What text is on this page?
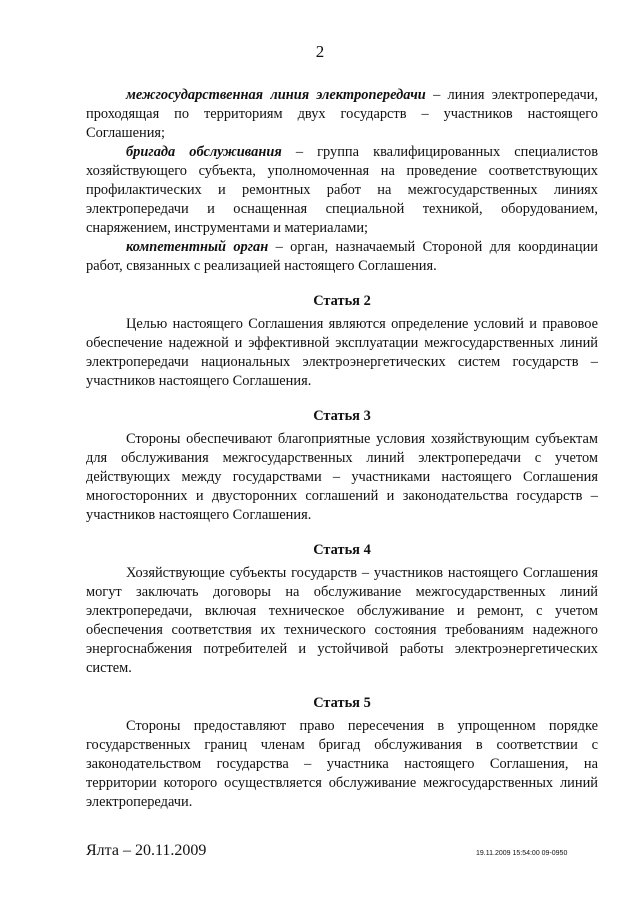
2

межгосударственная линия электропередачи – линия электропередачи, проходящая по территориям двух государств – участников настоящего Соглашения;

бригада обслуживания – группа квалифицированных специалистов хозяйствующего субъекта, уполномоченная на проведение соответствующих профилактических и ремонтных работ на межгосударственных линиях электропередачи и оснащенная специальной техникой, оборудованием, снаряжением, инструментами и материалами;

компетентный орган – орган, назначаемый Стороной для координации работ, связанных с реализацией настоящего Соглашения.

Статья 2

Целью настоящего Соглашения являются определение условий и правовое обеспечение надежной и эффективной эксплуатации межгосударственных линий электропередачи национальных электроэнергетических систем государств – участников настоящего Соглашения.

Статья 3

Стороны обеспечивают благоприятные условия хозяйствующим субъектам для обслуживания межгосударственных линий электропередачи с учетом действующих между государствами – участниками настоящего Соглашения многосторонних и двусторонних соглашений и законодательства государств – участников настоящего Соглашения.

Статья 4

Хозяйствующие субъекты государств – участников настоящего Соглашения могут заключать договоры на обслуживание межгосударственных линий электропередачи, включая техническое обслуживание и ремонт, с учетом обеспечения соответствия их технического состояния требованиям надежного энергоснабжения потребителей и устойчивой работы электроэнергетических систем.

Статья 5

Стороны предоставляют право пересечения в упрощенном порядке государственных границ членам бригад обслуживания в соответствии с законодательством государства – участника настоящего Соглашения, на территории которого осуществляется обслуживание межгосударственных линий электропередачи.

Ялта – 20.11.2009	19.11.2009 15:54:00 09-0950
